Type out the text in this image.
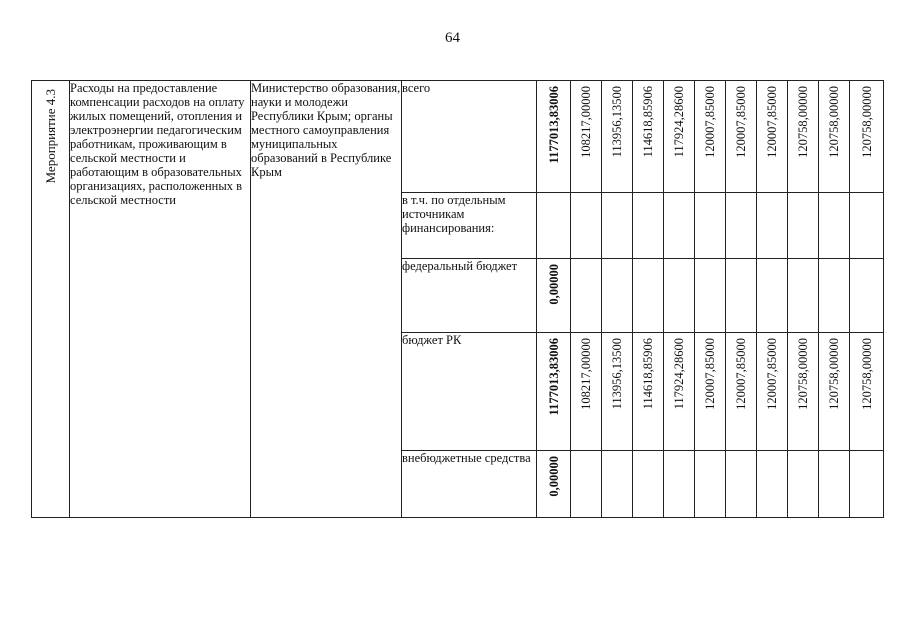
64
Мероприятие 4.3	Расходы на предоставление компенсации расходов на оплату жилых помещений, отопления и электроэнергии педагогическим работникам, проживающим в сельской местности и работающим в образовательных организациях, расположенных в сельской местности	Министерство образования, науки и молодежи Республики Крым; органы местного самоуправления муниципальных образований в Республике Крым	всего	1177013,83006	108217,00000	113956,13500	114618,85906	117924,28600	120007,85000	120007,85000	120007,85000	120758,00000	120758,00000	120758,00000

			в т.ч. по отдельным источникам финансирования:	

			федеральный бюджет	0,00000										

			бюджет РК	1177013,83006	108217,00000	113956,13500	114618,85906	117924,28600	120007,85000	120007,85000	120007,85000	120758,00000	120758,00000	120758,00000

			внебюджетные средства	0,00000										
